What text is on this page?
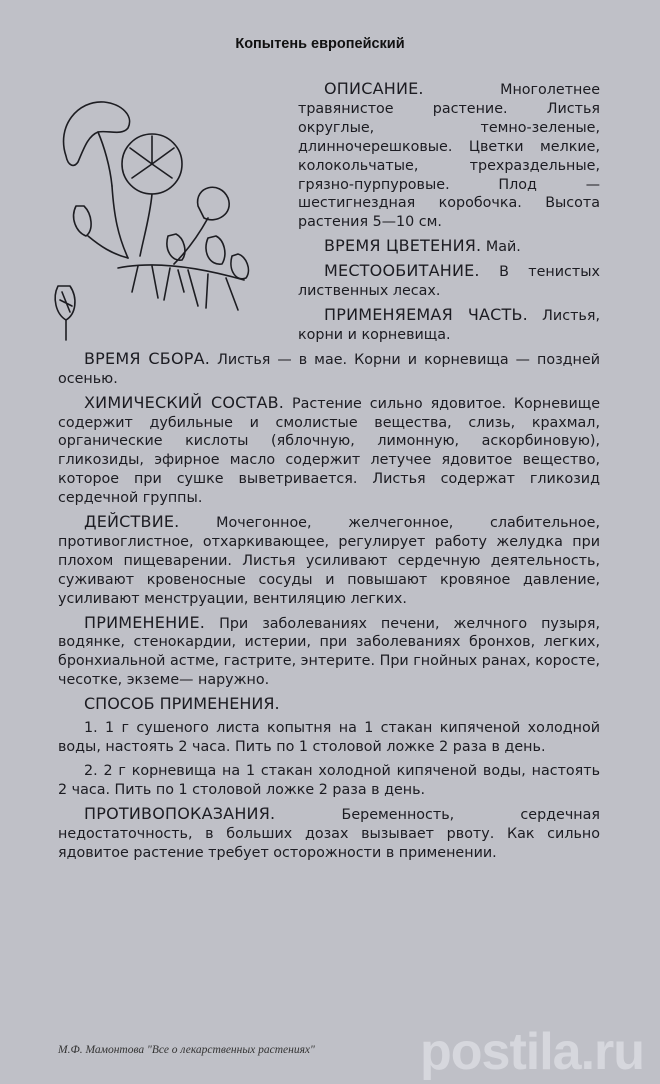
Копытень европейский

ОПИСАНИЕ. Многолетнее травянистое растение. Листья округлые, темно-зеленые, длинночерешковые. Цветки мелкие, колокольчатые, трехраздельные, грязно-пурпуровые. Плод — шестигнездная коробочка. Высота растения 5—10 см.

ВРЕМЯ ЦВЕТЕНИЯ. Май.

МЕСТООБИТАНИЕ. В тенистых лиственных лесах.

ПРИМЕНЯЕМАЯ ЧАСТЬ. Листья, корни и корневища.

ВРЕМЯ СБОРА. Листья — в мае. Корни и корневища — поздней осенью.

ХИМИЧЕСКИЙ СОСТАВ. Растение сильно ядовитое. Корневище содержит дубильные и смолистые вещества, слизь, крахмал, органические кислоты (яблочную, лимонную, аскорбиновую), гликозиды, эфирное масло содержит летучее ядовитое вещество, которое при сушке выветривается. Листья содержат гликозид сердечной группы.

ДЕЙСТВИЕ. Мочегонное, желчегонное, слабительное, противоглистное, отхаркивающее, регулирует работу желудка при плохом пищеварении. Листья усиливают сердечную деятельность, суживают кровеносные сосуды и повышают кровяное давление, усиливают менструации, вентиляцию легких.

ПРИМЕНЕНИЕ. При заболеваниях печени, желчного пузыря, водянке, стенокардии, истерии, при заболеваниях бронхов, легких, бронхиальной астме, гастрите, энтерите. При гнойных ранах, коросте, чесотке, экземе— наружно.

СПОСОБ ПРИМЕНЕНИЯ.

1. 1 г сушеного листа копытня на 1 стакан кипяченой холодной воды, настоять 2 часа. Пить по 1 столовой ложке 2 раза в день.

2. 2 г корневища на 1 стакан холодной кипяченой воды, настоять 2 часа. Пить по 1 столовой ложке 2 раза в день.

ПРОТИВОПОКАЗАНИЯ. Беременность, сердечная недостаточность, в больших дозах вызывает рвоту. Как сильно ядовитое растение требует осторожности в применении.

postila.ru
М.Ф. Мамонтова "Все о лекарственных растениях"
